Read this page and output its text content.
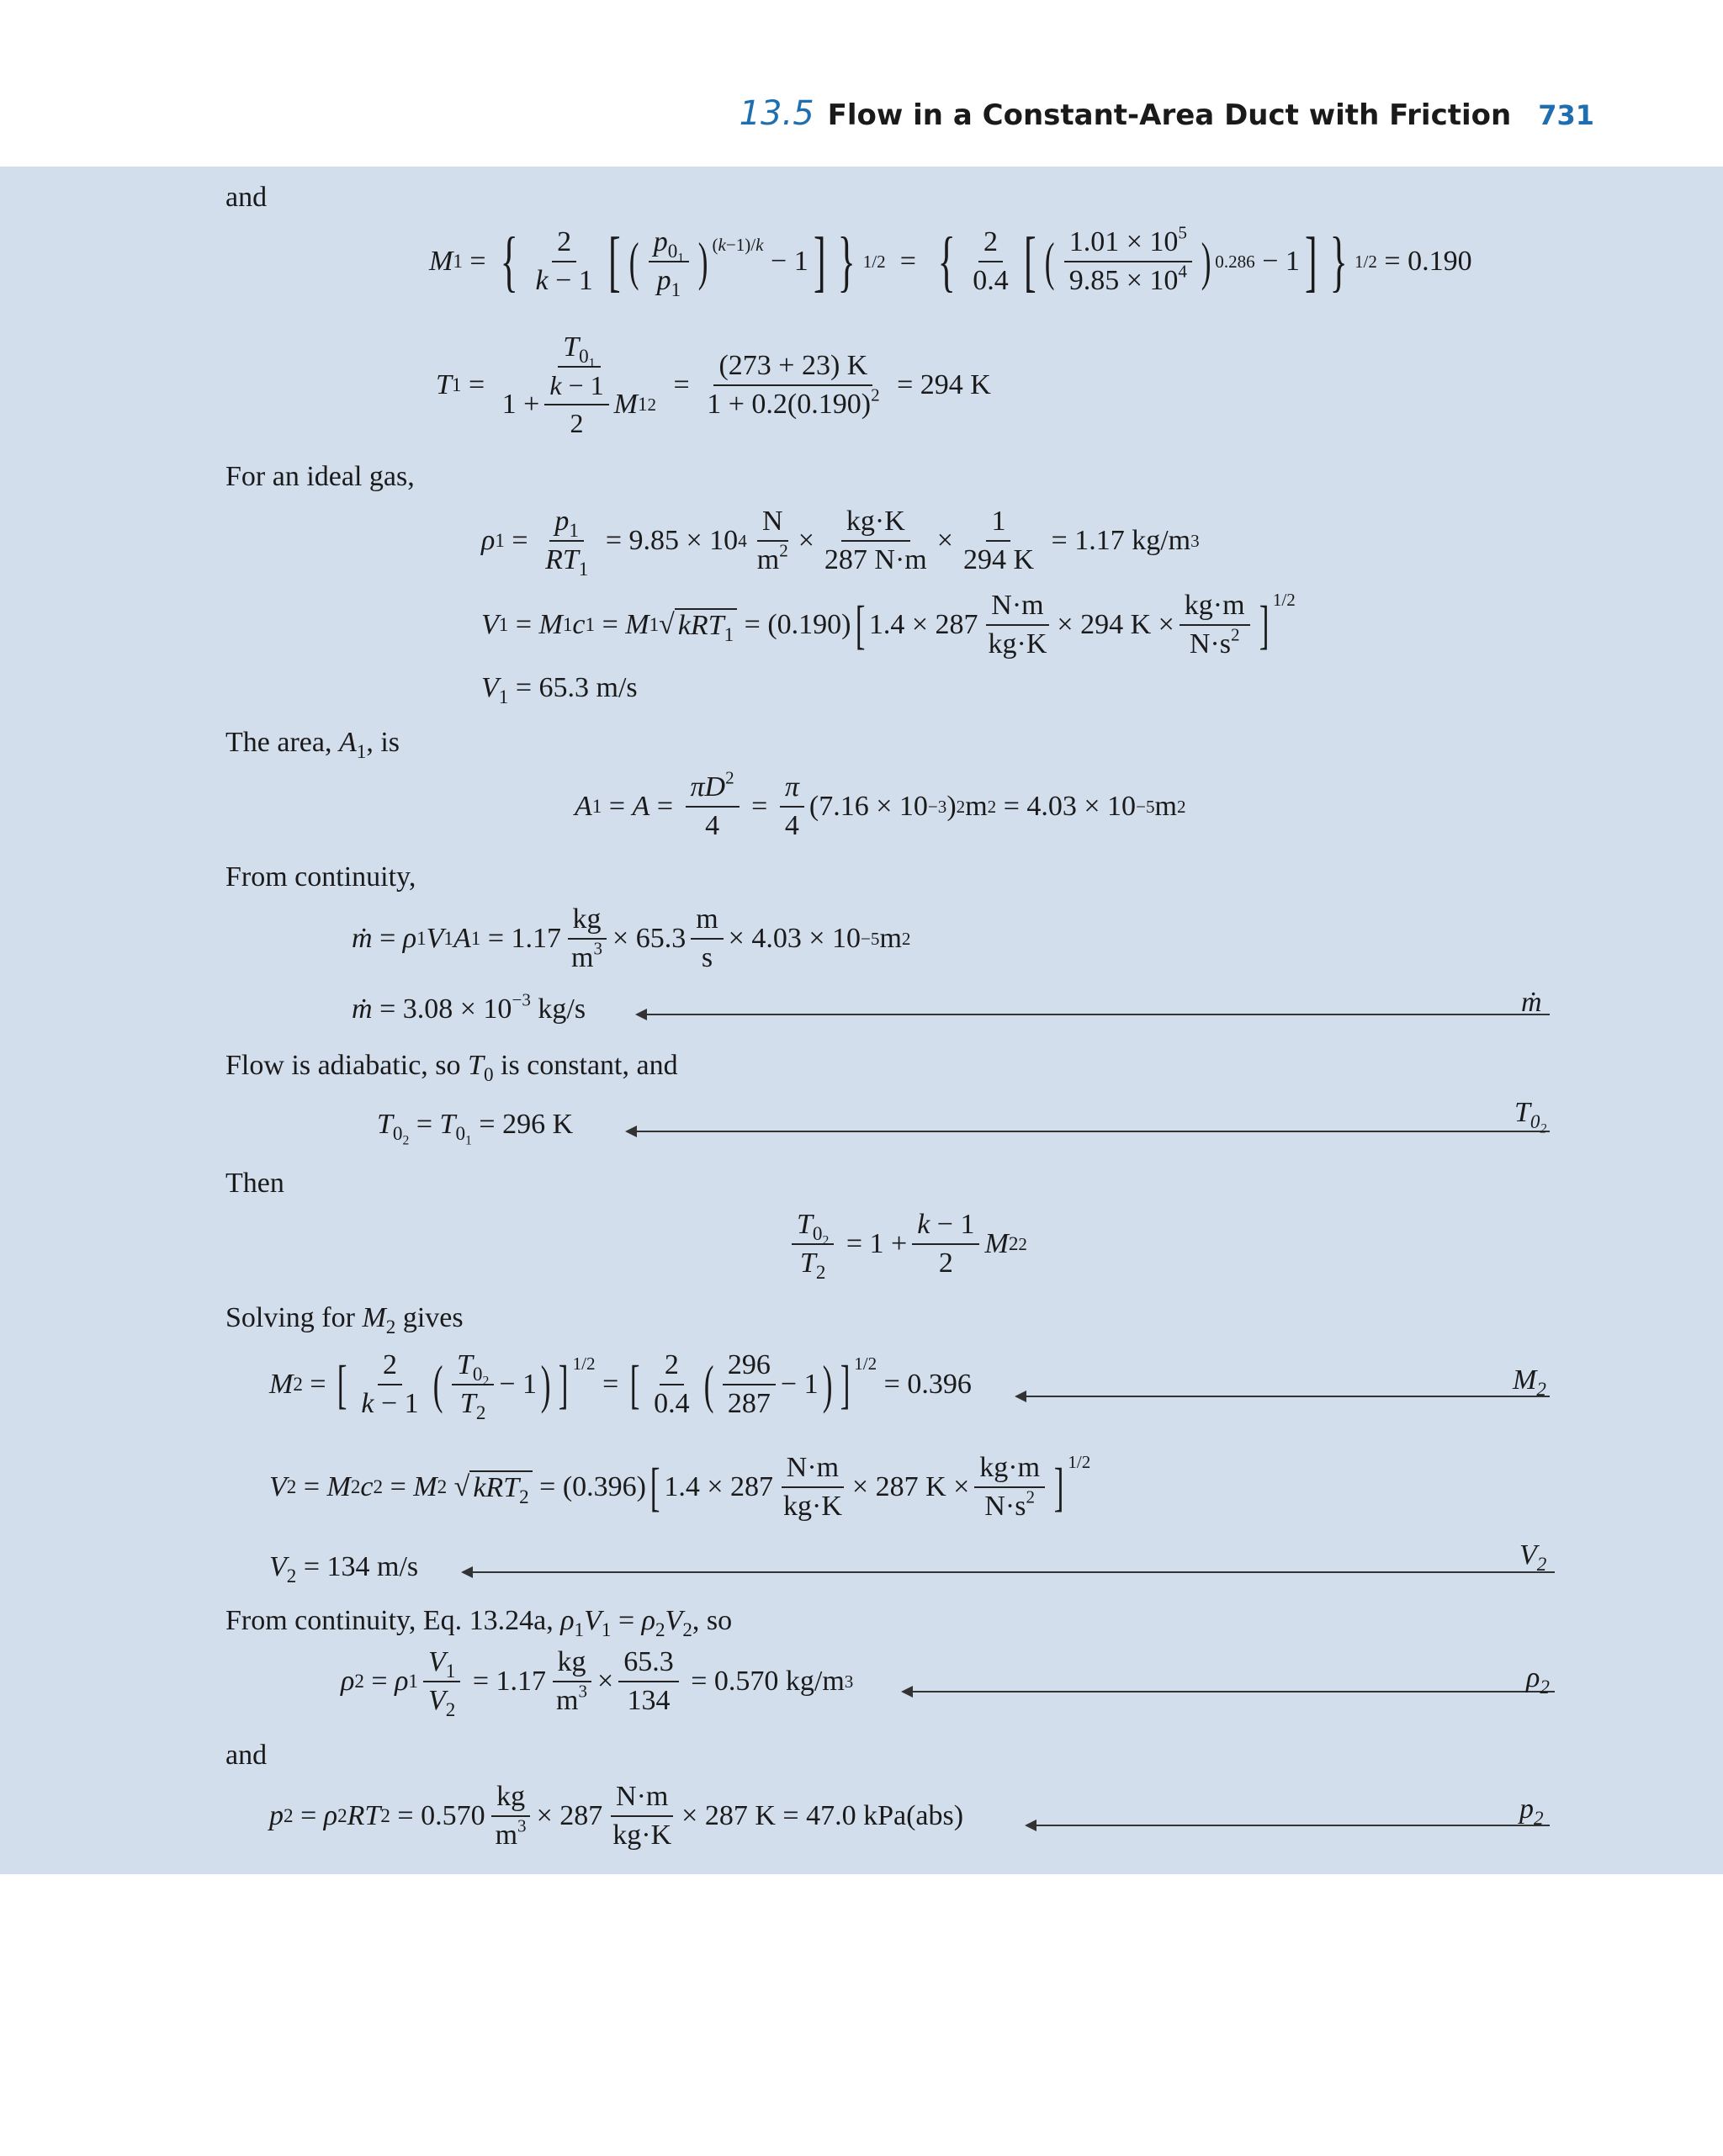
13.5 Flow in a Constant-Area Duct with Friction 731
and
M 1 = { 2
k − 1 [ ( $p_{0_1}$
$p_1$ ) (k−1)/k
− 1 ] } 1/2 = { 2
0.4 [ ( $1.01 \times 10^5$
$9.85 \times 10^4$ ) 0.286 − 1 ] } 1/2 = 0.190
T 1 =
$T_{0_1}$
1 +
k − 1
2
M 1 2
=
(273 + 23) K
$1 + 0.2(0.190)^2 = 294$ K
For an ideal gas,
ρ 1 =
$p_1$
$RT_1$
= 9.85 × 10 4
N
$m^2$ ×
kg·K
287 N·m
×
1
294 K
= 1.17 kg/m 3
V 1 = M 1 c 1 = M 1 √ kRT$_1$ = (0.190) [ 1.4 × 287
N·m
kg·K
× 294 K ×
kg·m
$N\cdot s^2$ ] 1/2
$V_1 = 65.3$ m/s
The area, $A_1$, is
A 1 = A =
$\pi D^2$
4
=
π
4
(7.16 × 10 −3 ) 2 m 2 = 4.03 × 10 −5 m 2
From continuity,
ṁ = ρ 1 V 1 A 1 = 1.17
kg
$m^3 \times 65.3$
m
s
× 4.03 × 10 −5 m 2
ṁ = $3.08 \times 10^{-3}$ kg/s	ṁ
Flow is adiabatic, so $T_0$ is constant, and
$T_{0_2} = T_{0_1} = 296$ K	$T_{0_2}$
Then
$T_{0_2}$
$T_2$
= 1 +
k − 1
2
M 2 2
Solving for $M_2$ gives
M 2 = [ 2
k − 1 ( $T_{0_2}$
$T_2$
− 1 ) ] 1/2
= [ 2
0.4 ( 296
287
− 1 ) ] 1/2
= 0.396	$M_2$
V 2 = M 2 c 2 = M 2 √ kRT$_2$ = (0.396) [ 1.4 × 287
N·m
kg·K
× 287 K ×
kg·m
$N\cdot s^2$ ] 1/2
$V_2 = 134$ m/s	$V_2$
From continuity, Eq. 13.24a, $\rho_1V_1 = \rho_2V_2$, so
ρ 2 = ρ 1
$V_1$
$V_2$
= 1.17
kg
$m^3$ ×
65.3
134
= 0.570 kg/m 3	$\rho_2$
and
p 2 = ρ 2 RT 2 = 0.570
kg
$m^3 \times 287$
N·m
kg·K
× 287 K = 47.0 kPa(abs)	$p_2$
